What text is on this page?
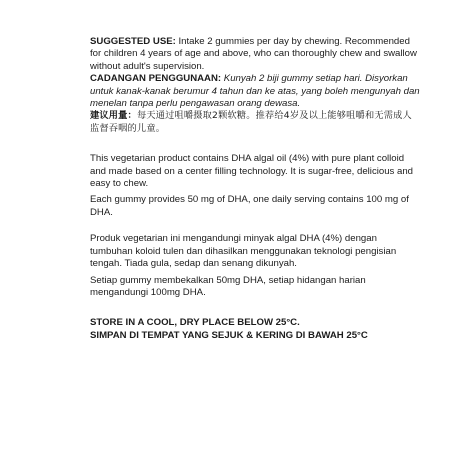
SUGGESTED USE: Intake 2 gummies per day by chewing. Recommended for children 4 years of age and above, who can thoroughly chew and swallow without adult's supervision.

CADANGAN PENGGUNAAN: Kunyah 2 biji gummy setiap hari. Disyorkan untuk kanak-kanak berumur 4 tahun dan ke atas, yang boleh mengunyah dan menelan tanpa perlu pengawasan orang dewasa.

建议用量：每天通过咀嚼摄取2颗软糖。推荐给4岁及以上能够咀嚼和无需成人监督吞咽的儿童。

This vegetarian product contains DHA algal oil (4%) with pure plant colloid and made based on a center filling technology. It is sugar-free, delicious and easy to chew.

Each gummy provides 50 mg of DHA, one daily serving contains 100 mg of DHA.

Produk vegetarian ini mengandungi minyak algal DHA (4%) dengan tumbuhan koloid tulen dan dihasilkan menggunakan teknologi pengisian tengah. Tiada gula, sedap dan senang dikunyah.

Setiap gummy membekalkan 50mg DHA, setiap hidangan harian mengandungi 100mg DHA.

STORE IN A COOL, DRY PLACE BELOW 25°C.

SIMPAN DI TEMPAT YANG SEJUK & KERING DI BAWAH 25°C
